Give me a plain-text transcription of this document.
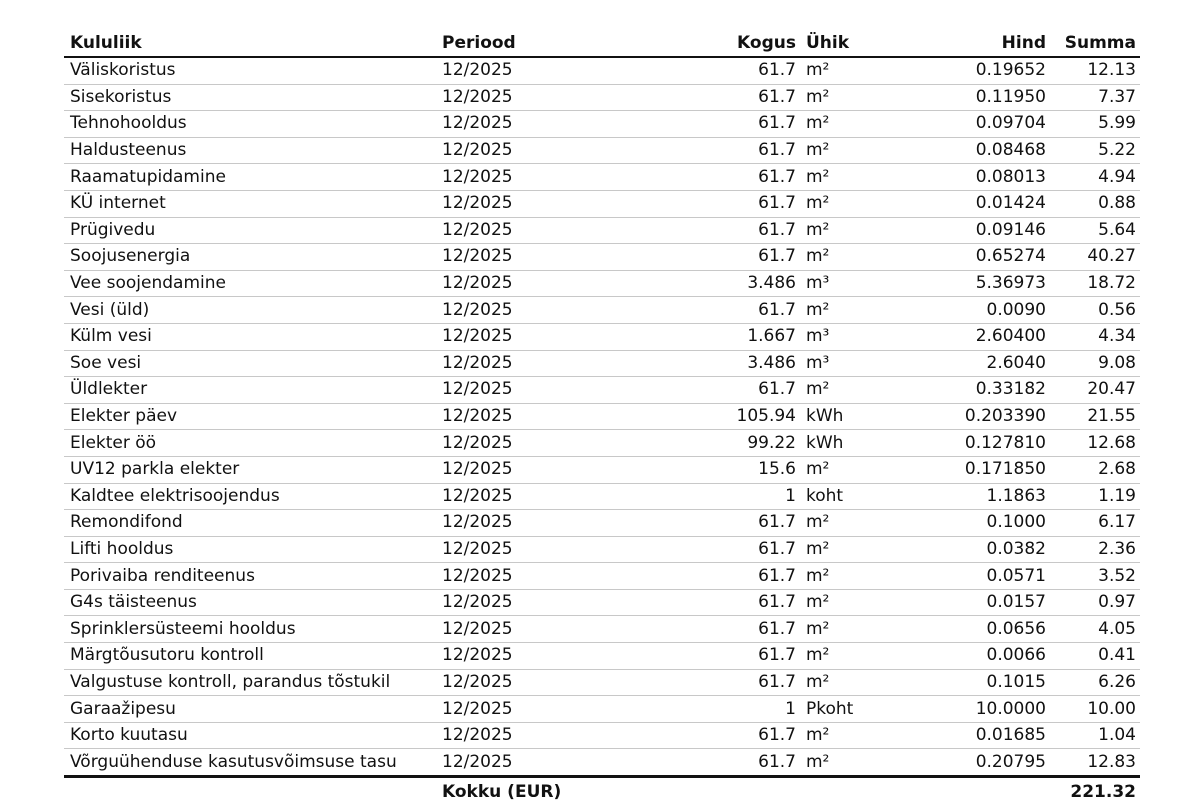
Kululiik	Periood	Kogus	Ühik	Hind	Summa
Väliskoristus	12/2025	61.7	m²	0.19652	12.13
Sisekoristus	12/2025	61.7	m²	0.11950	7.37
Tehnohooldus	12/2025	61.7	m²	0.09704	5.99
Haldusteenus	12/2025	61.7	m²	0.08468	5.22
Raamatupidamine	12/2025	61.7	m²	0.08013	4.94
KÜ internet	12/2025	61.7	m²	0.01424	0.88
Prügivedu	12/2025	61.7	m²	0.09146	5.64
Soojusenergia	12/2025	61.7	m²	0.65274	40.27
Vee soojendamine	12/2025	3.486	m³	5.36973	18.72
Vesi (üld)	12/2025	61.7	m²	0.0090	0.56
Külm vesi	12/2025	1.667	m³	2.60400	4.34
Soe vesi	12/2025	3.486	m³	2.6040	9.08
Üldlekter	12/2025	61.7	m²	0.33182	20.47
Elekter päev	12/2025	105.94	kWh	0.203390	21.55
Elekter öö	12/2025	99.22	kWh	0.127810	12.68
UV12 parkla elekter	12/2025	15.6	m²	0.171850	2.68
Kaldtee elektrisoojendus	12/2025	1	koht	1.1863	1.19
Remondifond	12/2025	61.7	m²	0.1000	6.17
Lifti hooldus	12/2025	61.7	m²	0.0382	2.36
Porivaiba renditeenus	12/2025	61.7	m²	0.0571	3.52
G4s täisteenus	12/2025	61.7	m²	0.0157	0.97
Sprinklersüsteemi hooldus	12/2025	61.7	m²	0.0656	4.05
Märgtõusutoru kontroll	12/2025	61.7	m²	0.0066	0.41
Valgustuse kontroll, parandus tõstukil	12/2025	61.7	m²	0.1015	6.26
Garaažipesu	12/2025	1	Pkoht	10.0000	10.00
Korto kuutasu	12/2025	61.7	m²	0.01685	1.04
Võrguühenduse kasutusvõimsuse tasu	12/2025	61.7	m²	0.20795	12.83
	Kokku (EUR)				221.32
